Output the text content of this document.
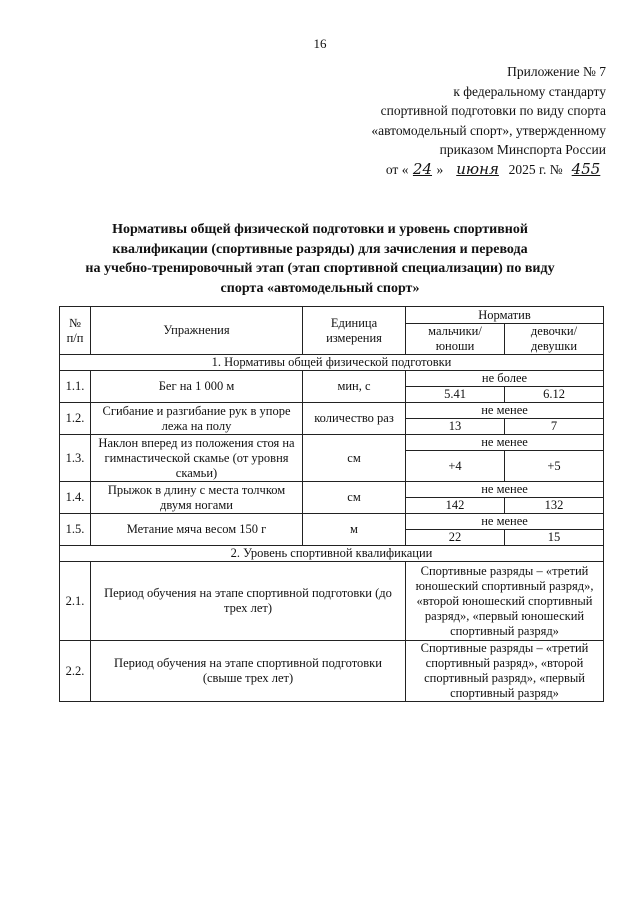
16
Приложение № 7
к федеральному стандарту
спортивной подготовки по виду спорта
«автомодельный спорт», утвержденному
приказом Минспорта России
от « 24 » июня 2025 г. № 455
Нормативы общей физической подготовки и уровень спортивной
квалификации (спортивные разряды) для зачисления и перевода
на учебно-тренировочный этап (этап спортивной специализации) по виду
спорта «автомодельный спорт»
№ п/п	Упражнения	Единица измерения	Норматив	
			мальчики/ юноши	девочки/ девушки
1. Нормативы общей физической подготовки				
1.1.	Бег на 1 000 м	мин, с	не более	
			5.41	6.12
1.2.	Сгибание и разгибание рук в упоре лежа на полу	количество раз	не менее	
			13	7
1.3.	Наклон вперед из положения стоя на гимнастической скамье (от уровня скамьи)	см	не менее	
			+4	+5
1.4.	Прыжок в длину с места толчком двумя ногами	см	не менее	
			142	132
1.5.	Метание мяча весом 150 г	м	не менее	
			22	15
2. Уровень спортивной квалификации				
2.1.	Период обучения на этапе спортивной подготовки (до трех лет)		Спортивные разряды – «третий юношеский спортивный разряд», «второй юношеский спортивный разряд», «первый юношеский спортивный разряд»	
2.2.	Период обучения на этапе спортивной подготовки (свыше трех лет)		Спортивные разряды – «третий спортивный разряд», «второй спортивный разряд», «первый спортивный разряд»	
